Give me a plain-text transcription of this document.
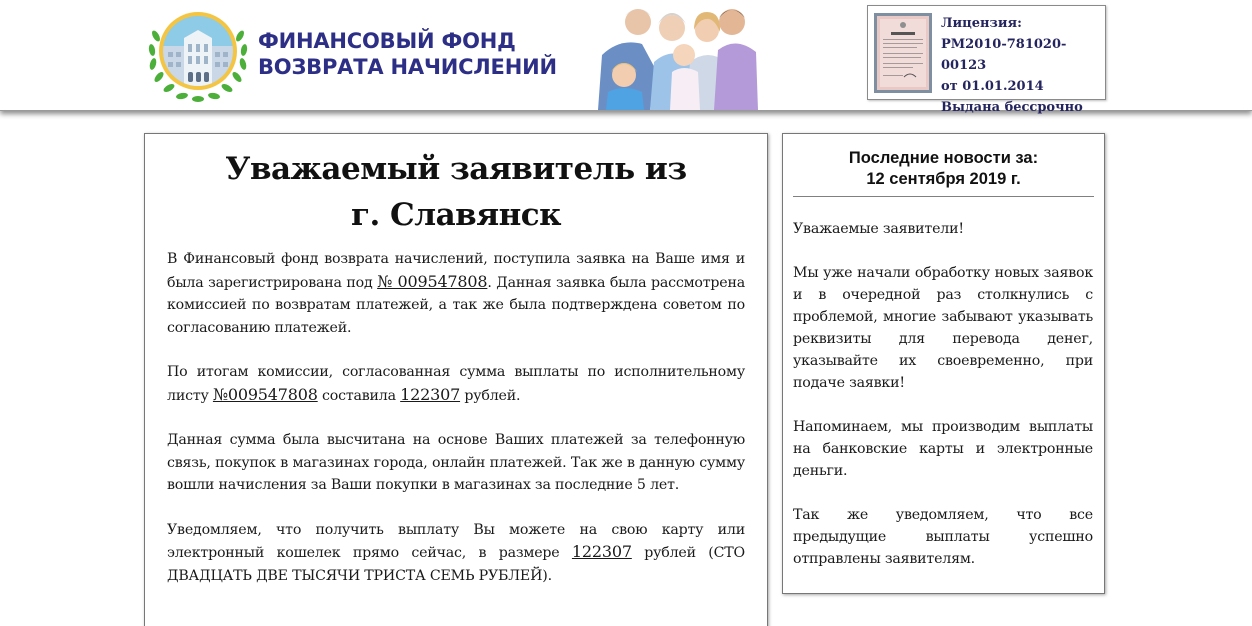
ФИНАНСОВЫЙ ФОНД
ВОЗВРАТА НАЧИСЛЕНИЙ
Лицензия:
РМ2010-781020-00123
от 01.01.2014
Выдана бессрочно
Уважаемый заявитель из
г. Славянск

В Финансовый фонд возврата начислений, поступила заявка на Ваше имя и была зарегистрирована под № 009547808. Данная заявка была рассмотрена комиссией по возвратам платежей, а так же была подтверждена советом по согласованию платежей.

По итогам комиссии, согласованная сумма выплаты по исполнительному листу №009547808 составила 122307 рублей.

Данная сумма была высчитана на основе Ваших платежей за телефонную связь, покупок в магазинах города, онлайн платежей. Так же в данную сумму вошли начисления за Ваши покупки в магазинах за последние 5 лет.

Уведомляем, что получить выплату Вы можете на свою карту или электронный кошелек прямо сейчас, в размере 122307 рублей (СТО ДВАДЦАТЬ ДВЕ ТЫСЯЧИ ТРИСТА СЕМЬ РУБЛЕЙ).

Последние новости за:
12 сентября 2019 г.

Уважаемые заявители!

Мы уже начали обработку новых заявок и в очередной раз столкнулись с проблемой, многие забывают указывать реквизиты для перевода денег, указывайте их своевременно, при подаче заявки!

Напоминаем, мы производим выплаты на банковские карты и электронные деньги.

Так же уведомляем, что все предыдущие выплаты успешно отправлены заявителям.
